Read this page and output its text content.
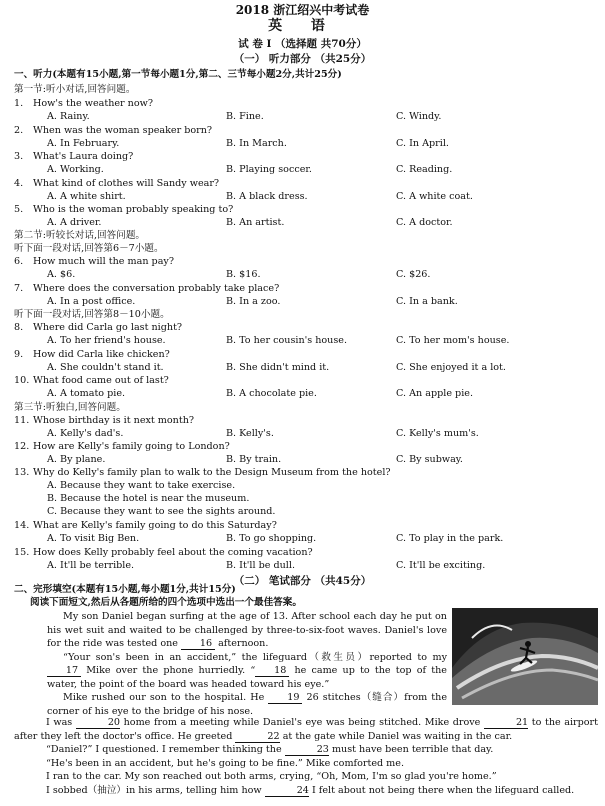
2018 浙江绍兴中考试卷
英 语
试 卷 Ⅰ （选择题 共70分）
（一） 听力部分 （共25分）
一、听力(本题有15小题,第一节每小题1分,第二、三节每小题2分,共计25分)
第一节:听小对话,回答问题。
1. How's the weather now?
A. Rainy.	B. Fine.	C. Windy.
2. When was the woman speaker born?
A. In February.	B. In March.	C. In April.
3. What's Laura doing?
A. Working.	B. Playing soccer.	C. Reading.
4. What kind of clothes will Sandy wear?
A. A white shirt.	B. A black dress.	C. A white coat.
5. Who is the woman probably speaking to?
A. A driver.	B. An artist.	C. A doctor.
第二节:听较长对话,回答问题。
听下面一段对话,回答第6－7小题。
6. How much will the man pay?
A. $6.	B. $16.	C. $26.
7. Where does the conversation probably take place?
A. In a post office.	B. In a zoo.	C. In a bank.
听下面一段对话,回答第8－10小题。
8. Where did Carla go last night?
A. To her friend's house.	B. To her cousin's house.	C. To her mom's house.
9. How did Carla like chicken?
A. She couldn't stand it.	B. She didn't mind it.	C. She enjoyed it a lot.
10. What food came out of last?
A. A tomato pie.	B. A chocolate pie.	C. An apple pie.
第三节:听独白,回答问题。
11. Whose birthday is it next month?
A. Kelly's dad's.	B. Kelly's.	C. Kelly's mum's.
12. How are Kelly's family going to London?
A. By plane.	B. By train.	C. By subway.
13. Why do Kelly's family plan to walk to the Design Museum from the hotel?
A. Because they want to take exercise.
B. Because the hotel is near the museum.
C. Because they want to see the sights around.
14. What are Kelly's family going to do this Saturday?
A. To visit Big Ben.	B. To go shopping.	C. To play in the park.
15. How does Kelly probably feel about the coming vacation?
A. It'll be terrible.	B. It'll be dull.	C. It'll be exciting.
（二） 笔试部分 （共45分）
二、完形填空(本题有15小题,每小题1分,共计15分)
阅读下面短文,然后从各题所给的四个选项中选出一个最佳答案。

My son Daniel began surfing at the age of 13. After school each day he put on his wet suit and waited to be challenged by three-to-six-foot waves. Daniel's love for the ride was tested one 16 afternoon.

“Your son's been in an accident,” the lifeguard（救生员）reported to my 17 Mike over the phone hurriedly. “ 18 he came up to the top of the water, the point of the board was headed toward his eye.”

Mike rushed our son to the hospital. He 19 26 stitches（缝合）from the corner of his eye to the bridge of his nose.

I was	20 home from a meeting while Daniel's eye was being stitched. Mike drove	21 to the airport after they left the doctor's office. He greeted	22 at the gate while Daniel was waiting in the car.

“Daniel?” I questioned. I remember thinking the	23 must have been terrible that day.

“He's been in an accident, but he's going to be fine.” Mike comforted me.

I ran to the car. My son reached out both arms, crying, “Oh, Mom, I'm so glad you're home.”

I sobbed（抽泣）in his arms, telling him how	24 I felt about not being there when the lifeguard called.
